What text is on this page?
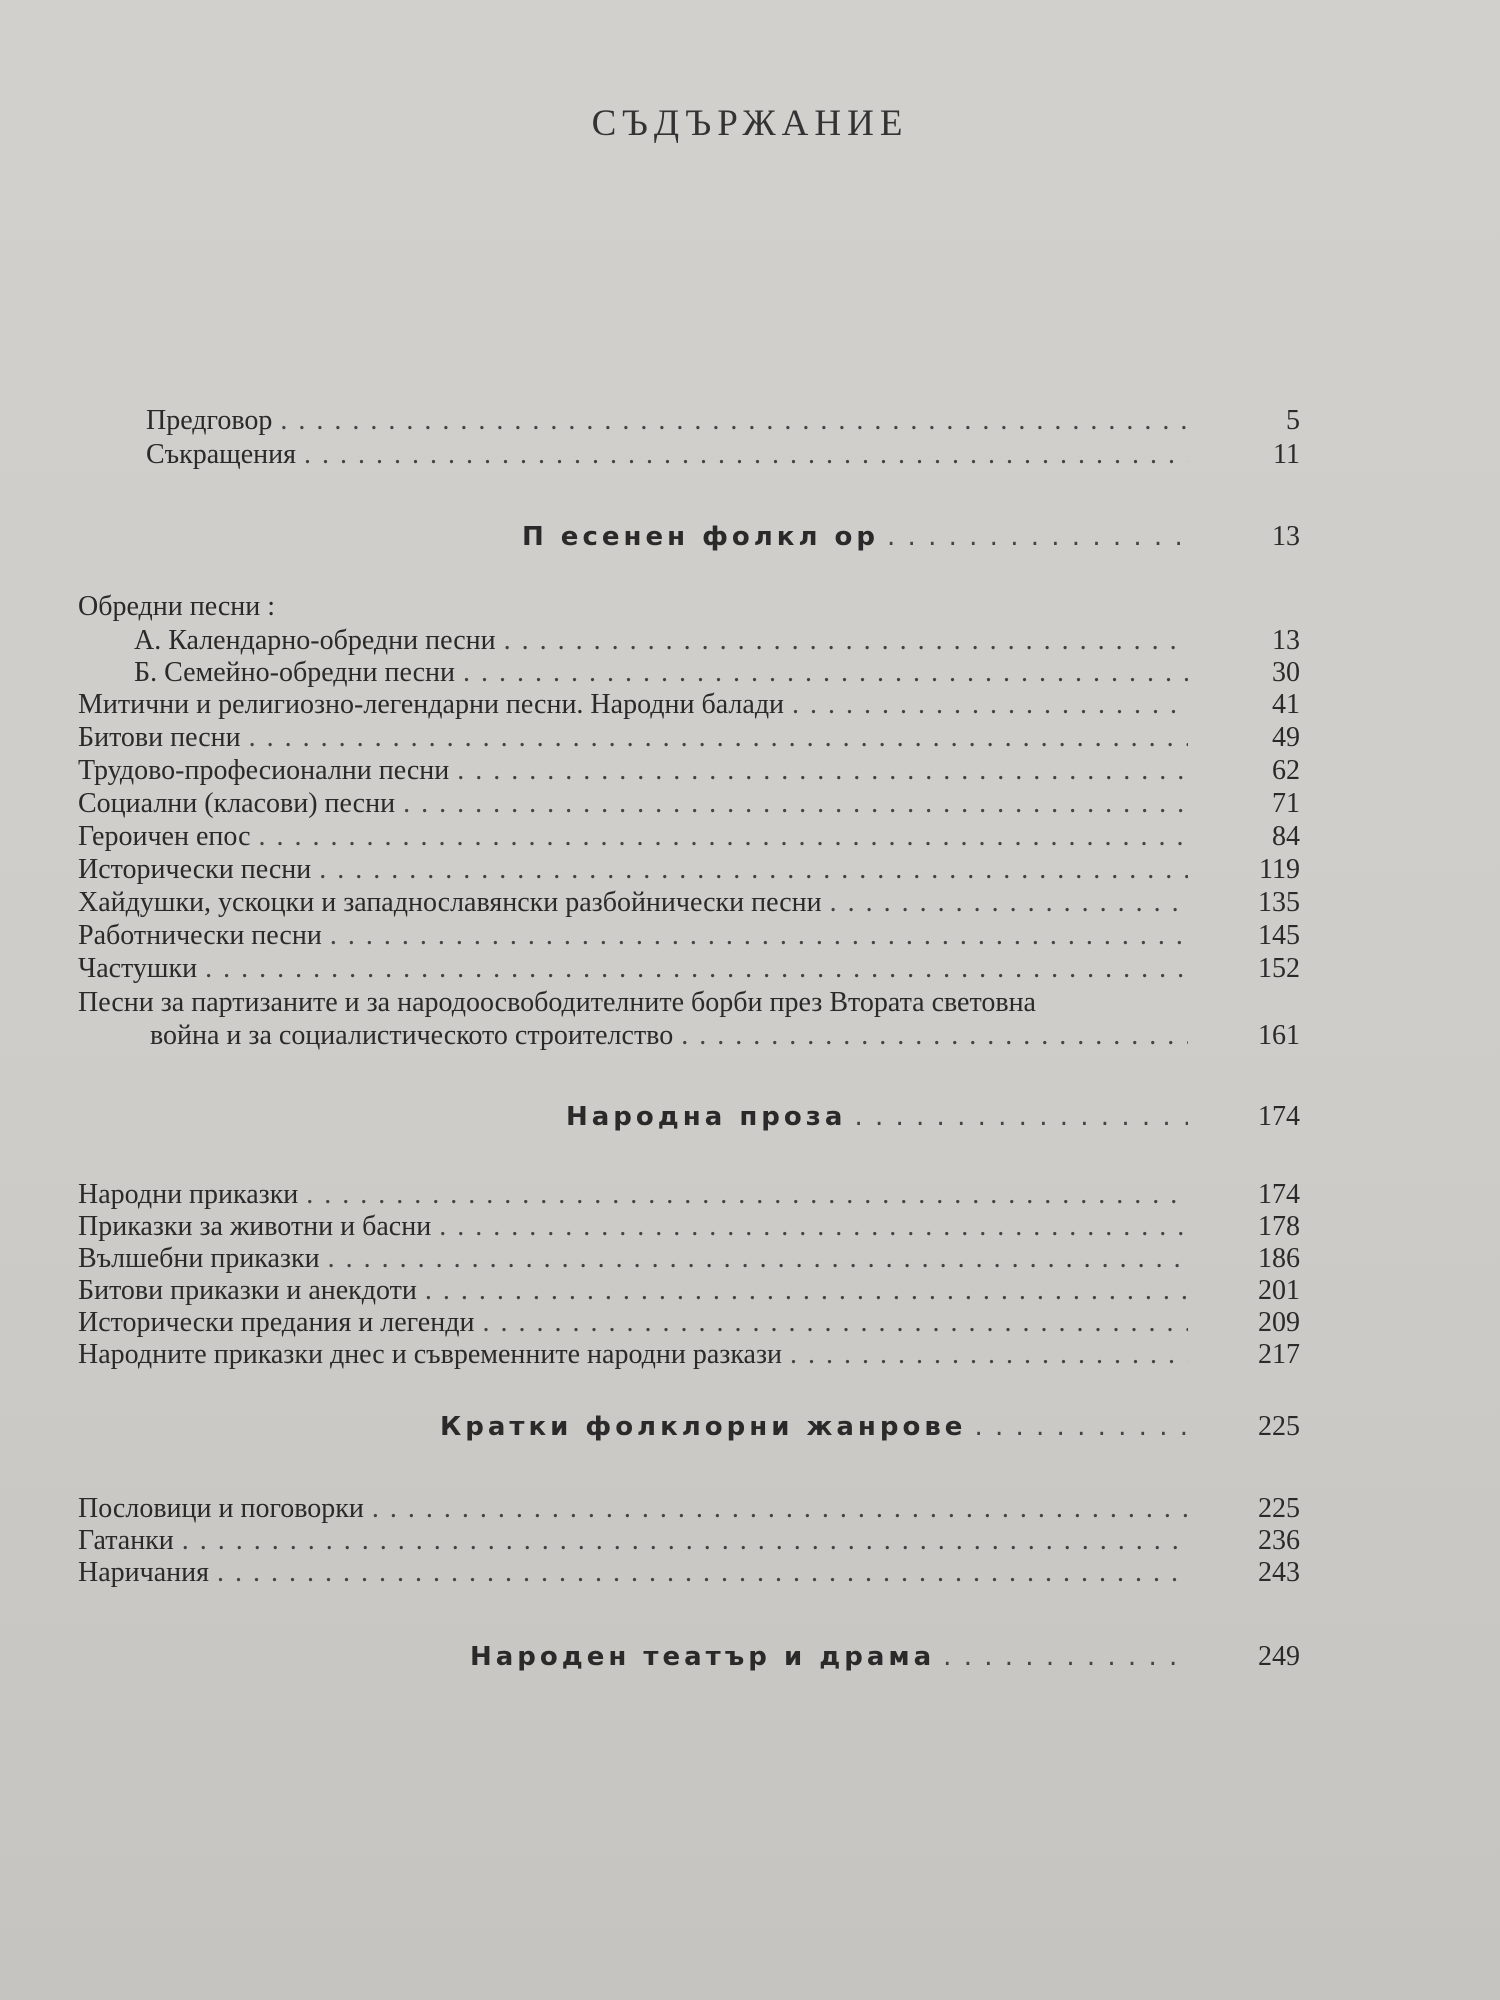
СЪДЪРЖАНИЕ
Предговор . . .	5
Съкращения . . .	11
П есенен фолкл ор . . .	13
Обредни песни :
А. Календарно-обредни песни . . .	13
Б. Семейно-обредни песни . . .	30
Митични и религиозно-легендарни песни. Народни балади . . .	41
Битови песни . . .	49
Трудово-професионални песни . . .	62
Социални (класови) песни . . .	71
Героичен епос . . .	84
Исторически песни . . .	119
Хайдушки, ускоцки и западнославянски разбойнически песни . . .	135
Работнически песни . . .	145
Частушки . . .	152
Песни за партизаните и за народоосвободителните борби през Втората световна
война и за социалистическото строителство . . .	161
Народна проза . . .	174
Народни приказки . . .	174
Приказки за животни и басни . . .	178
Вълшебни приказки . . .	186
Битови приказки и анекдоти . . .	201
Исторически предания и легенди . . .	209
Народните приказки днес и съвременните народни разкази . . .	217
Кратки фолклорни жанрове . . .	225
Пословици и поговорки . . .	225
Гатанки . . .	236
Наричания . . .	243
Народен театър и драма . . .	249
